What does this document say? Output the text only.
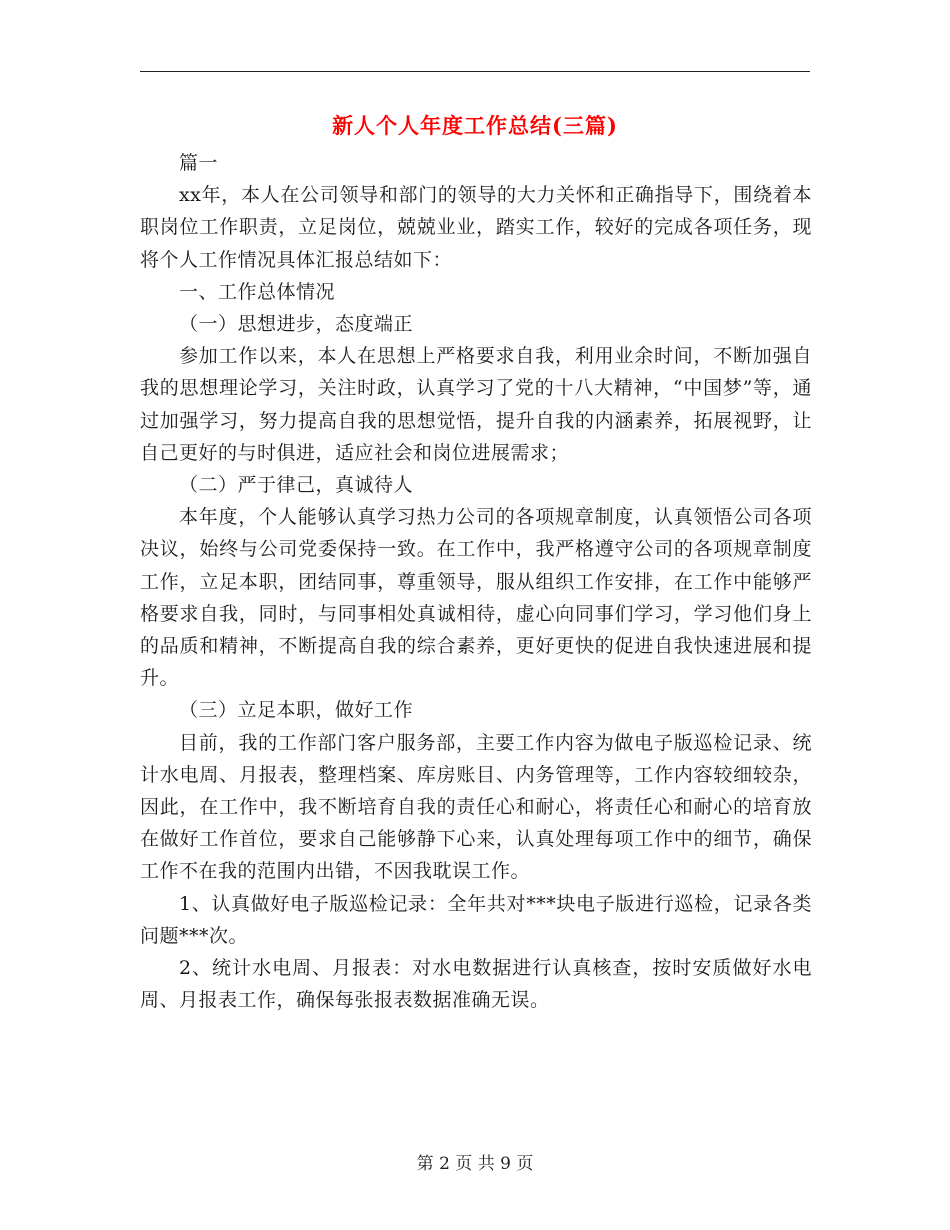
新人个人年度工作总结(三篇)

篇一

xx年，本人在公司领导和部门的领导的大力关怀和正确指导下，围绕着本职岗位工作职责，立足岗位，兢兢业业，踏实工作，较好的完成各项任务，现将个人工作情况具体汇报总结如下：

一、工作总体情况

（一）思想进步，态度端正

参加工作以来，本人在思想上严格要求自我，利用业余时间，不断加强自我的思想理论学习，关注时政，认真学习了党的十八大精神，“中国梦”等，通过加强学习，努力提高自我的思想觉悟，提升自我的内涵素养，拓展视野，让自己更好的与时俱进，适应社会和岗位进展需求；

（二）严于律己，真诚待人

本年度，个人能够认真学习热力公司的各项规章制度，认真领悟公司各项决议，始终与公司党委保持一致。在工作中，我严格遵守公司的各项规章制度工作，立足本职，团结同事，尊重领导，服从组织工作安排，在工作中能够严格要求自我，同时，与同事相处真诚相待，虚心向同事们学习，学习他们身上的品质和精神，不断提高自我的综合素养，更好更快的促进自我快速进展和提升。

（三）立足本职，做好工作

目前，我的工作部门客户服务部，主要工作内容为做电子版巡检记录、统计水电周、月报表，整理档案、库房账目、内务管理等，工作内容较细较杂，因此，在工作中，我不断培育自我的责任心和耐心，将责任心和耐心的培育放在做好工作首位，要求自己能够静下心来，认真处理每项工作中的细节，确保工作不在我的范围内出错，不因我耽误工作。

1、认真做好电子版巡检记录：全年共对***块电子版进行巡检，记录各类问题***次。

2、统计水电周、月报表：对水电数据进行认真核查，按时安质做好水电周、月报表工作，确保每张报表数据准确无误。

第 2 页 共 9 页
